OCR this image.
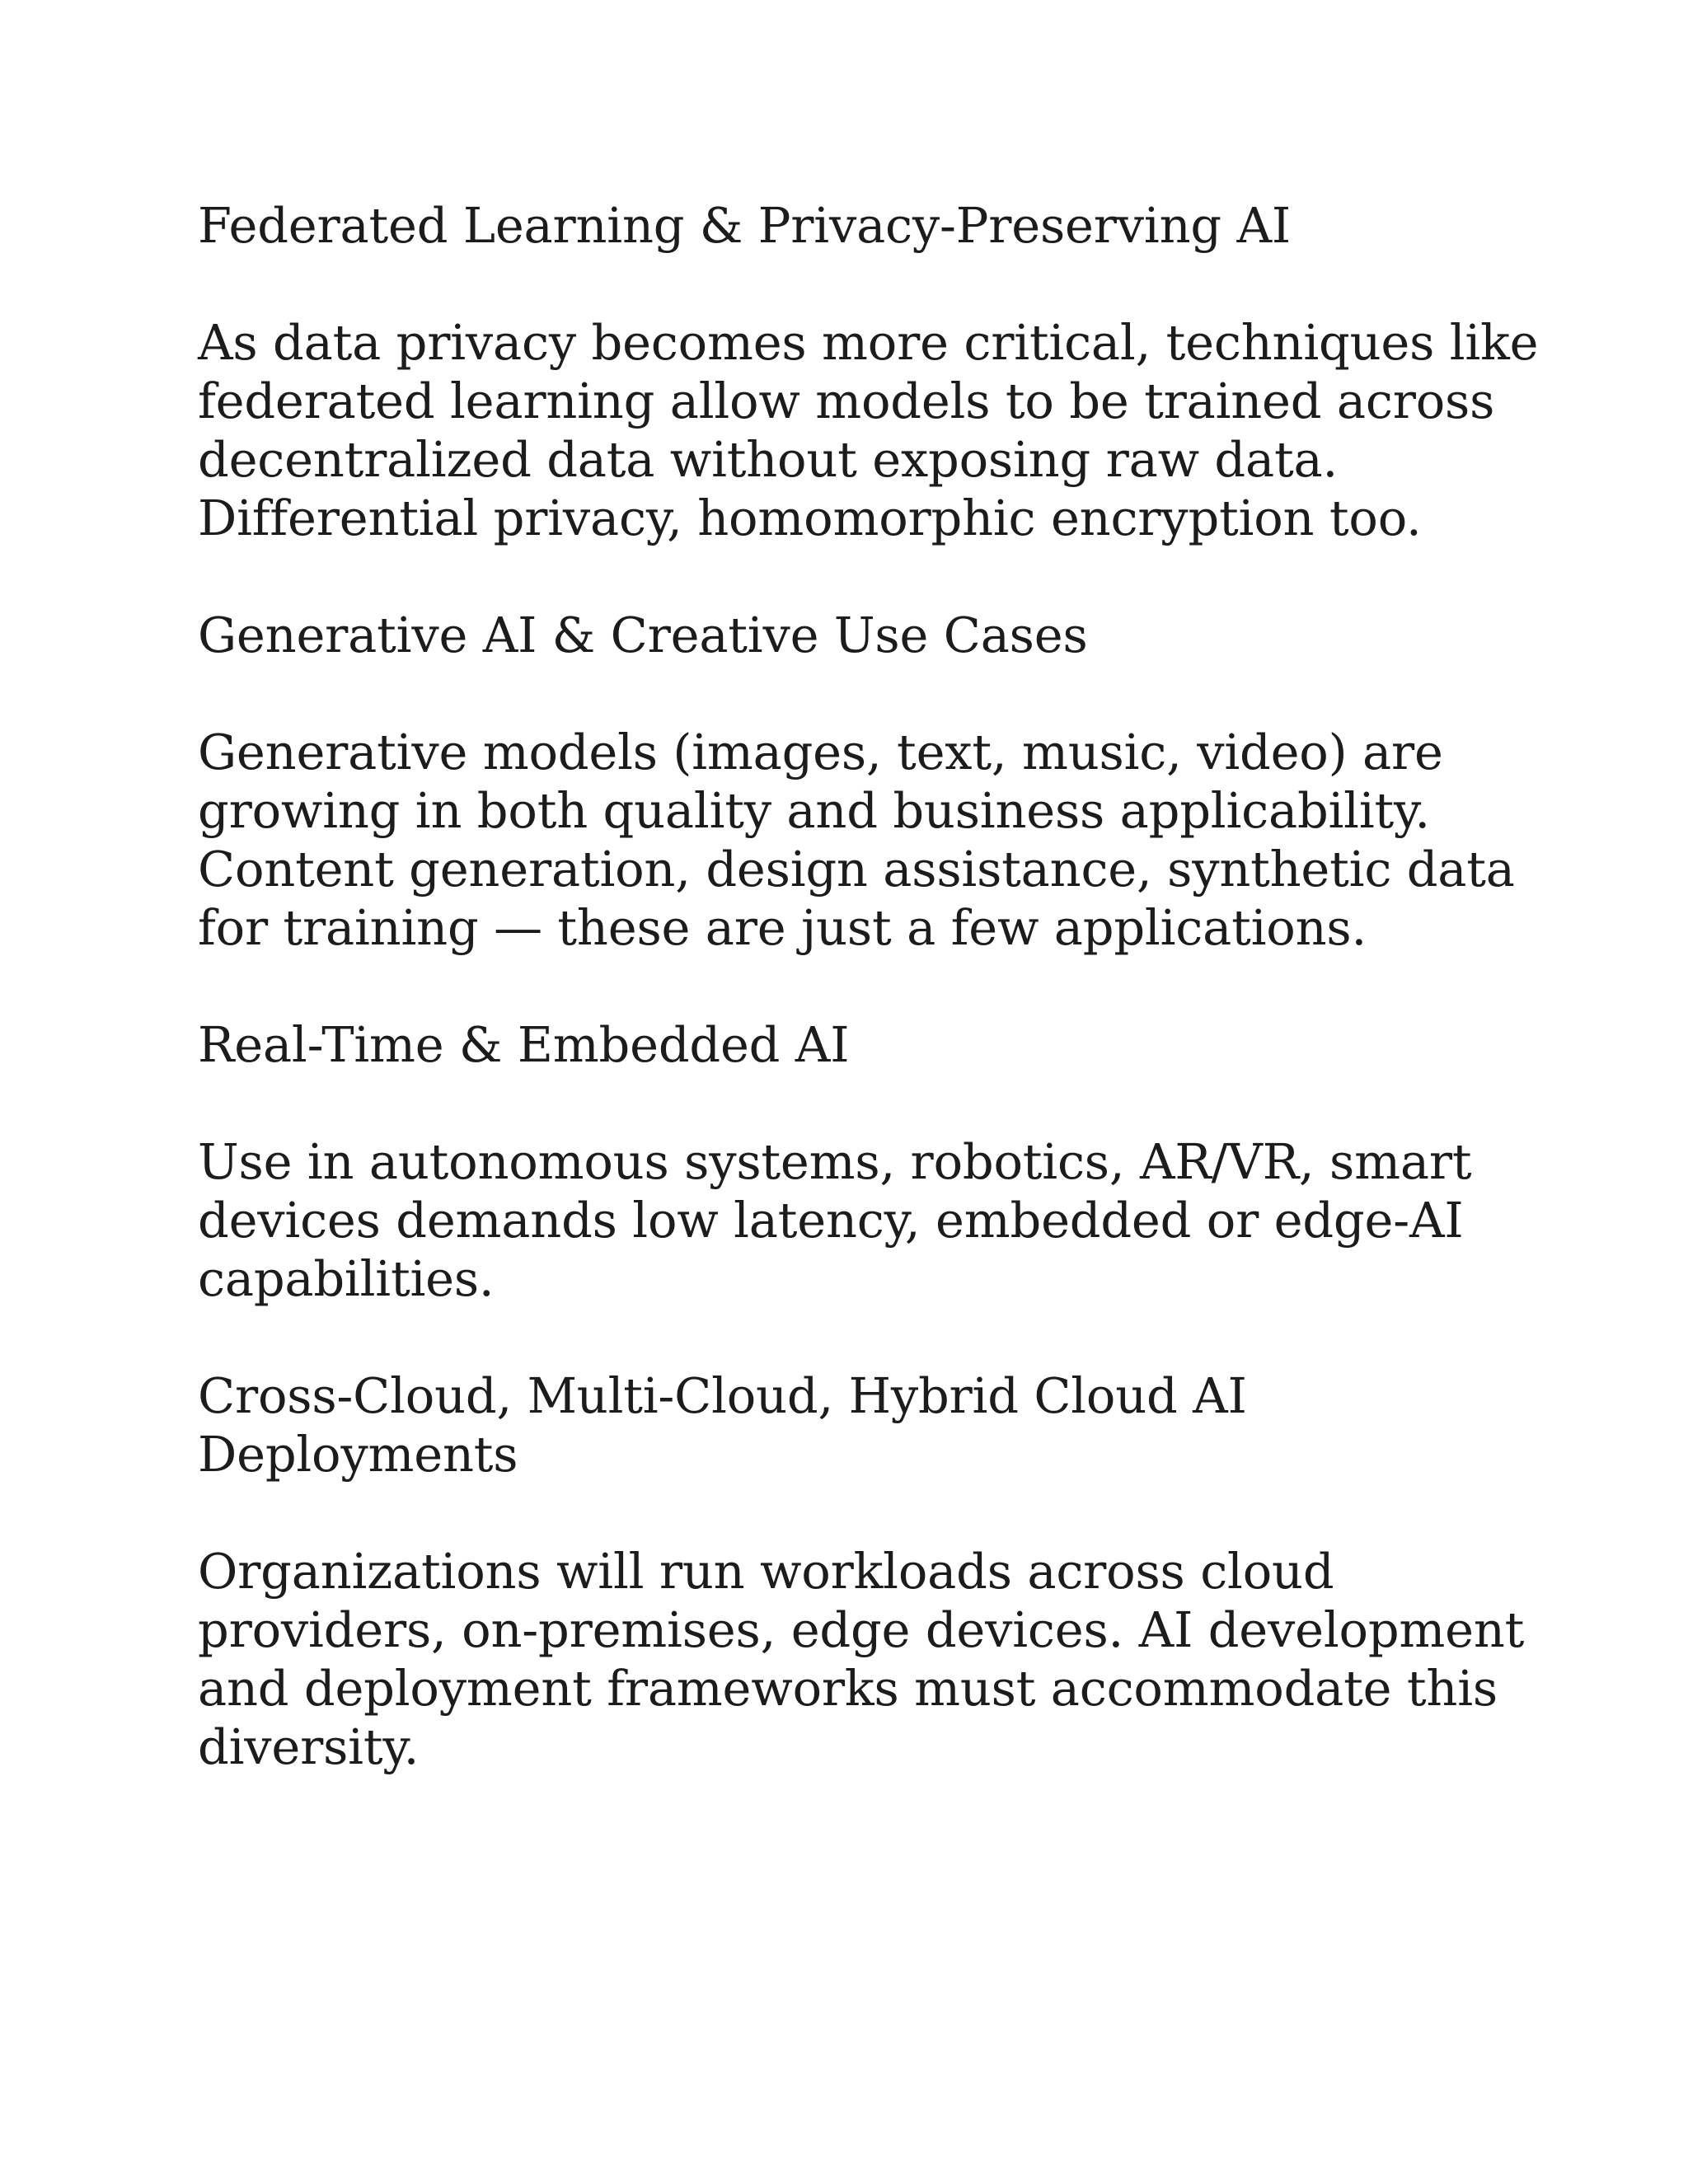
Federated Learning & Privacy-Preserving AI

As data privacy becomes more critical, techniques like
federated learning allow models to be trained across
decentralized data without exposing raw data.
Differential privacy, homomorphic encryption too.

Generative AI & Creative Use Cases

Generative models (images, text, music, video) are
growing in both quality and business applicability.
Content generation, design assistance, synthetic data
for training — these are just a few applications.

Real-Time & Embedded AI

Use in autonomous systems, robotics, AR/VR, smart
devices demands low latency, embedded or edge-AI
capabilities.

Cross-Cloud, Multi-Cloud, Hybrid Cloud AI
Deployments

Organizations will run workloads across cloud
providers, on-premises, edge devices. AI development
and deployment frameworks must accommodate this
diversity.
